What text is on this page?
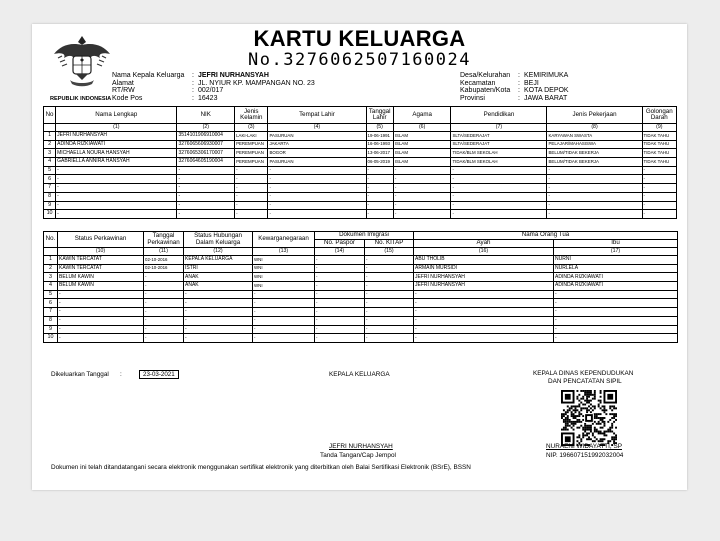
REPUBLIK INDONESIA
KARTU KELUARGA
No.3276062507160024
Nama Kepala Keluarga : JEFRI NURHANSYAH
Alamat	: JL. NYIUR KP. MAMPANGAN NO. 23
RT/RW	: 002/017
Kode Pos	: 16423
Desa/Kelurahan : KEMIRIMUKA
Kecamatan	: BEJI
Kabupaten/Kota : KOTA DEPOK
Provinsi	: JAWA BARAT
No	Nama Lengkap	NIK	Jenis Kelamin	Tempat Lahir	Tanggal Lahir	Agama	Pendidikan	Jenis Pekerjaan	Golongan Darah
	(1)	(2)	(3)	(4)	(5)	(6)	(7)	(8)	(9)
1	JEFRI NURHANSYAH	3514101906910004	LAKI-LAKI	PASURUAN	19-06-1991	ISLAM	SLTA/SEDERAJAT	KARYAWAN SWASTA	TIDAK TAHU
2	ADINDA RIZKIAWATI	3276065606930007	PEREMPUAN	JAKARTA	16-06-1993	ISLAM	SLTA/SEDERAJAT	PELAJAR/MAHASISWA	TIDAK TAHU
3	MICHAELLA NOURA HANSYAH	3276065306170007	PEREMPUAN	BOGOR	13-06-2017	ISLAM	TIDAK/BLM SEKOLAH	BELUM/TIDAK BEKERJA	TIDAK TAHU
4	GABRIELLA ANNIRA HANSYAH	3276064605190004	PEREMPUAN	PASURUAN	06-05-2019	ISLAM	TIDAK/BLM SEKOLAH	BELUM/TIDAK BEKERJA	TIDAK TAHU
5	-	-	-	-	-	-	-	-	-
6	-	-	-	-	-	-	-	-	-
7	-	-	-	-	-	-	-	-	-
8	-	-	-	-	-	-	-	-	-
9	-	-	-	-	-	-	-	-	-
10	-	-	-	-	-	-	-	-	-
No.	Status Perkawinan	Tanggal Perkawinan	Status Hubungan Dalam Keluarga	Kewarganegaraan	Dokumen Imigrasi		Nama Orang Tua	
					No. Paspor	No. KITAP	Ayah	Ibu
	(10)	(11)	(12)	(13)	(14)	(15)	(16)	(17)
1	KAWIN TERCATAT	02-10-2016	KEPALA KELUARGA	WNI	-	-	ABU THOLIB	NURNI
2	KAWIN TERCATAT	02-10-2016	ISTRI	WNI	-	-	ARMAIN MURSIDI	NURLELA
3	BELUM KAWIN	-	ANAK	WNI	-	-	JEFRI NURHANSYAH	ADINDA RIZKIAWATI
4	BELUM KAWIN	-	ANAK	WNI	-	-	JEFRI NURHANSYAH	ADINDA RIZKIAWATI
5	-	-	-	-	-	-	-	-
6	-	-	-	-	-	-	-	-
7	-	-	-	-	-	-	-	-
8	-	-	-	-	-	-	-	-
9	-	-	-	-	-	-	-	-
10	-	-	-	-	-	-	-	-
Dikeluarkan Tanggal :	23-03-2021	KEPALA KELUARGA
JEFRI NURHANSYAH
Tanda Tangan/Cap Jempol
KEPALA DINAS KEPENDUDUKAN
DAN PENCATATAN SIPIL
NURAENI WIDAYATTI, SP
NIP. 196607151992032004
Dokumen ini telah ditandatangani secara elektronik menggunakan sertifikat elektronik yang diterbitkan oleh Balai Sertifikasi Elektronik (BSrE), BSSN
